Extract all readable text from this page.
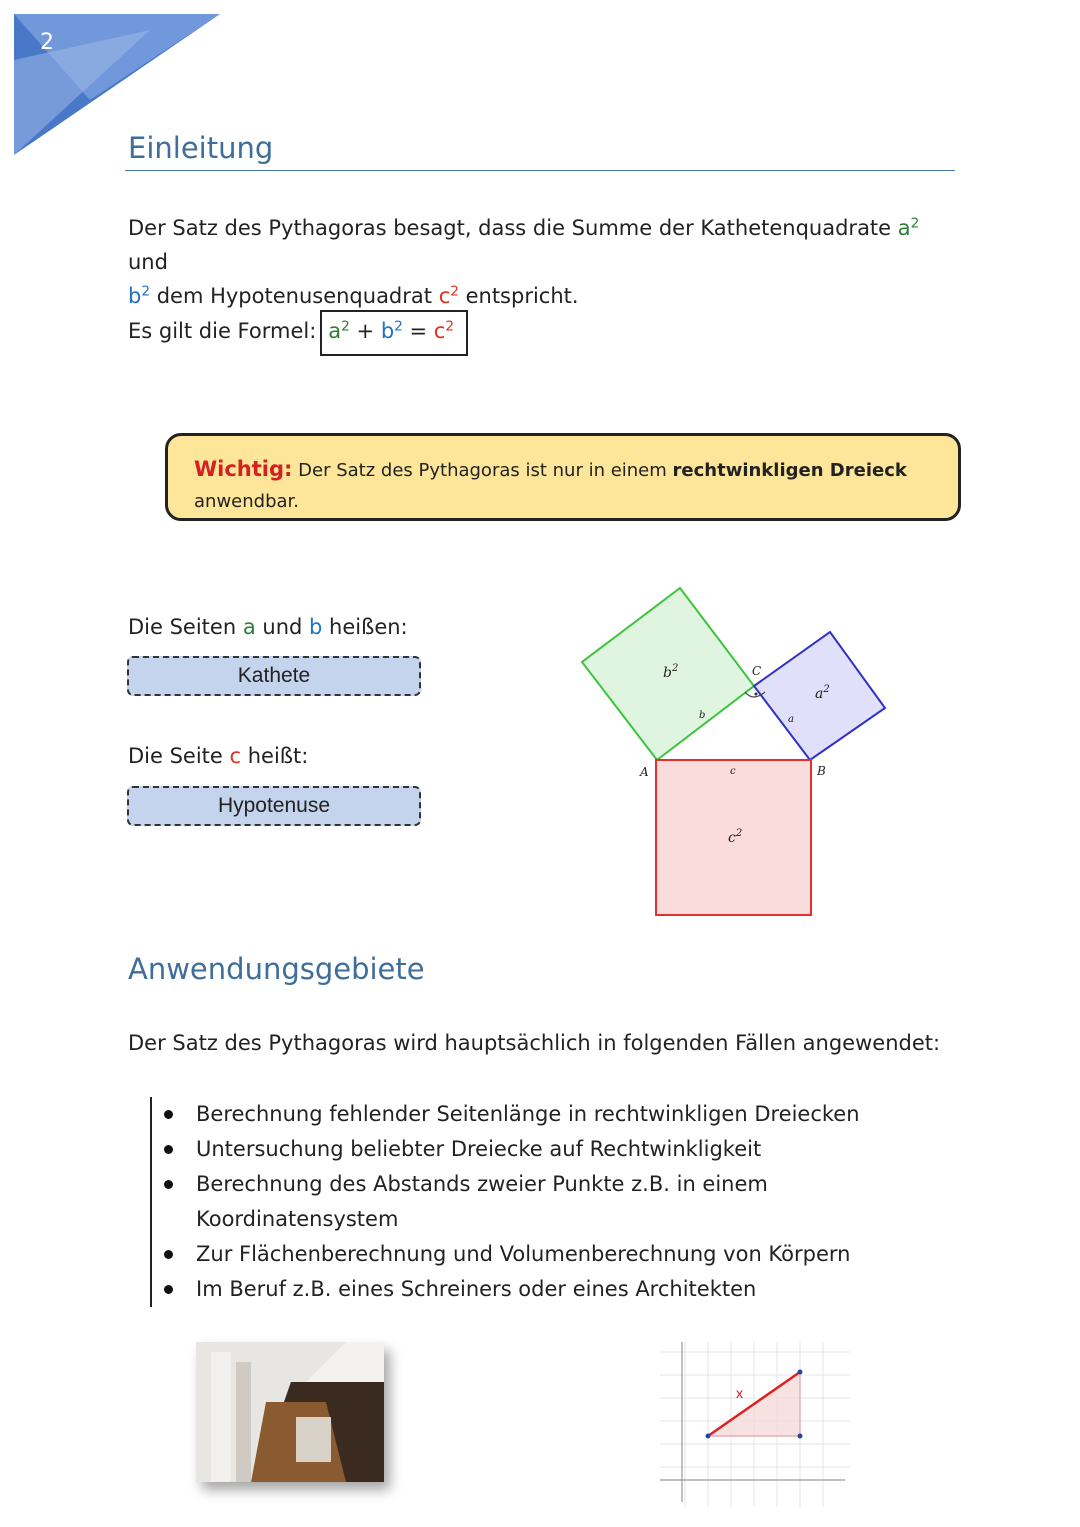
2
Einleitung
Der Satz des Pythagoras besagt, dass die Summe der Kathetenquadrate $a^2$ und
$b^2$ dem Hypotenusenquadrat $c^2$ entspricht.
Es gilt die Formel: $a^2 + b^2 = c^2$
Wichtig: Der Satz des Pythagoras ist nur in einem rechtwinkligen Dreieck
anwendbar.
Die Seiten a und b heißen:
Kathete
Die Seite c heißt:
Hypotenuse
$b^2$
$a^2$
$c^2$
C
A	B
a
b
c
Anwendungsgebiete
Der Satz des Pythagoras wird hauptsächlich in folgenden Fällen angewendet:
Berechnung fehlender Seitenlänge in rechtwinkligen Dreiecken
Untersuchung beliebter Dreiecke auf Rechtwinkligkeit
Berechnung des Abstands zweier Punkte z.B. in einem Koordinatensystem
Zur Flächenberechnung und Volumenberechnung von Körpern
Im Beruf z.B. eines Schreiners oder eines Architekten
x
